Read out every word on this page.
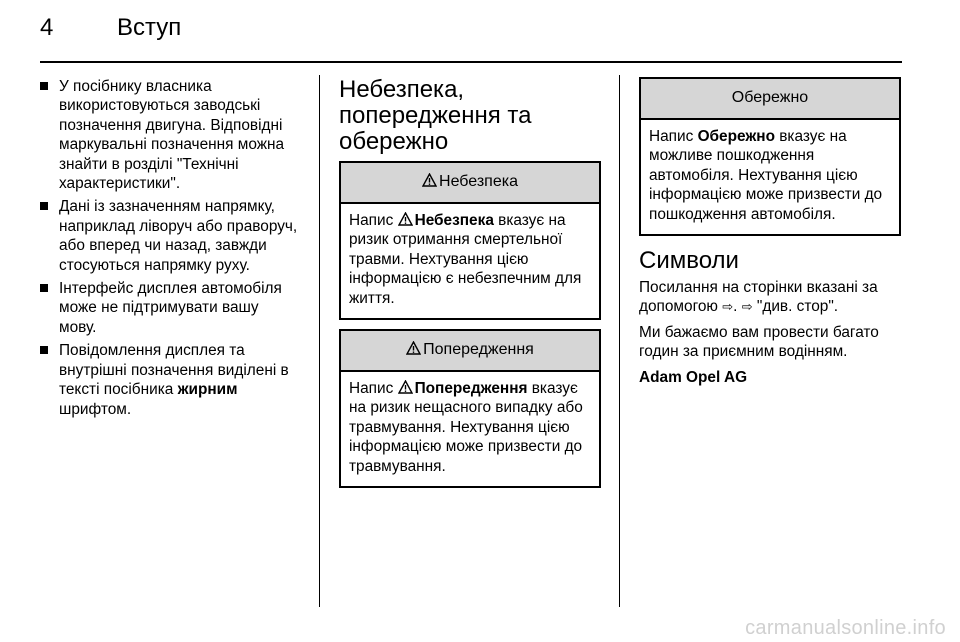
4	Вступ
У посібнику власника
використовуються заводські
позначення двигуна. Відповідні
маркувальні позначення можна
знайти в розділі "Технічні
характеристики".
Дані із зазначенням напрямку,
наприклад ліворуч або праворуч,
або вперед чи назад, завжди
стосуються напрямку руху.
Інтерфейс дисплея автомобіля
може не підтримувати вашу
мову.
Повідомлення дисплея та
внутрішні позначення виділені в
тексті посібника жирним
шрифтом.
Небезпека,
попередження та
обережно
Небезпека
Напис
Небезпека вказує на
ризик отримання смертельної
травми. Нехтування цією
інформацією є небезпечним для
життя.
Попередження
Напис
Попередження вказує
на ризик нещасного випадку або
травмування. Нехтування цією
інформацією може призвести до
травмування.
Обережно
Напис Обережно вказує на
можливе пошкодження
автомобіля. Нехтування цією
інформацією може призвести до
пошкодження автомобіля.
Символи

Посилання на сторінки вказані за
допомогою ⇨. ⇨ "див. стор".

Ми бажаємо вам провести багато
годин за приємним водінням.

Adam Opel AG
carmanualsonline.info
